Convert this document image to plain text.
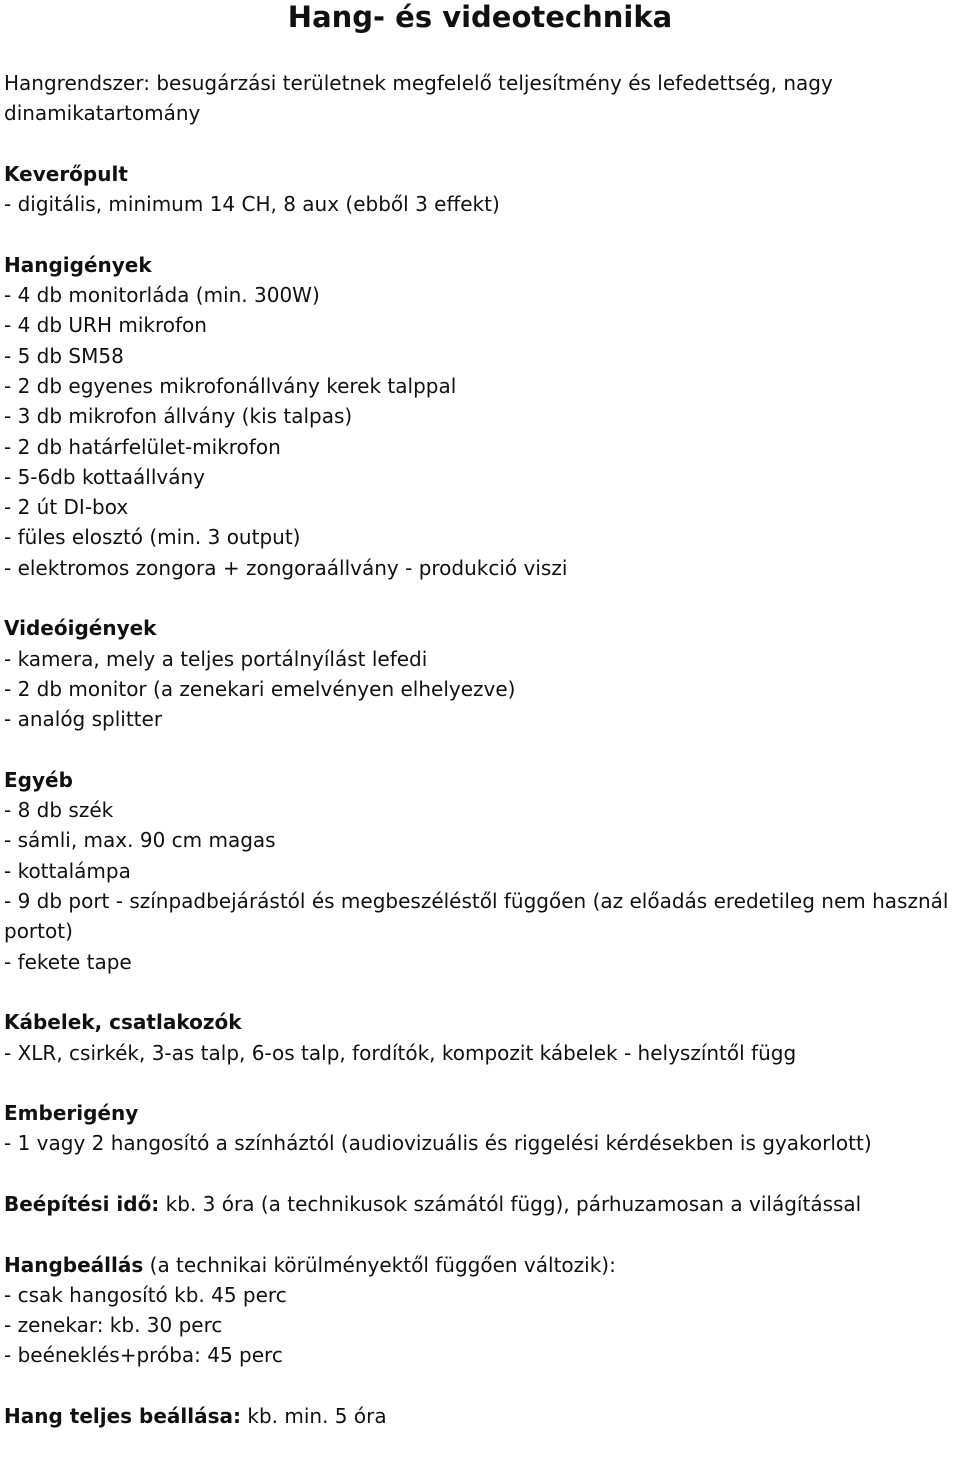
Hang- és videotechnika
Hangrendszer: besugárzási területnek megfelelő teljesítmény és lefedettség, nagy dinamikatartomány
Keverőpult
- digitális, minimum 14 CH, 8 aux (ebből 3 effekt)
Hangigények
- 4 db monitorláda (min. 300W)
- 4 db URH mikrofon
- 5 db SM58
- 2 db egyenes mikrofonállvány kerek talppal
- 3 db mikrofon állvány (kis talpas)
- 2 db határfelület-mikrofon
- 5-6db kottaállvány
- 2 út DI-box
- füles elosztó (min. 3 output)
- elektromos zongora + zongoraállvány - produkció viszi
Videóigények
- kamera, mely a teljes portálnyílást lefedi
- 2 db monitor (a zenekari emelvényen elhelyezve)
- analóg splitter
Egyéb
- 8 db szék
- sámli, max. 90 cm magas
- kottalámpa
- 9 db port - színpadbejárástól és megbeszéléstől függően (az előadás eredetileg nem használ portot)
- fekete tape
Kábelek, csatlakozók
- XLR, csirkék, 3-as talp, 6-os talp, fordítók, kompozit kábelek - helyszíntől függ
Emberigény
- 1 vagy 2 hangosító a színháztól (audiovizuális és riggelési kérdésekben is gyakorlott)
Beépítési idő: kb. 3 óra (a technikusok számától függ), párhuzamosan a világítással
Hangbeállás (a technikai körülményektől függően változik):
- csak hangosító kb. 45 perc
- zenekar: kb. 30 perc
- beéneklés+próba: 45 perc
Hang teljes beállása: kb. min. 5 óra
